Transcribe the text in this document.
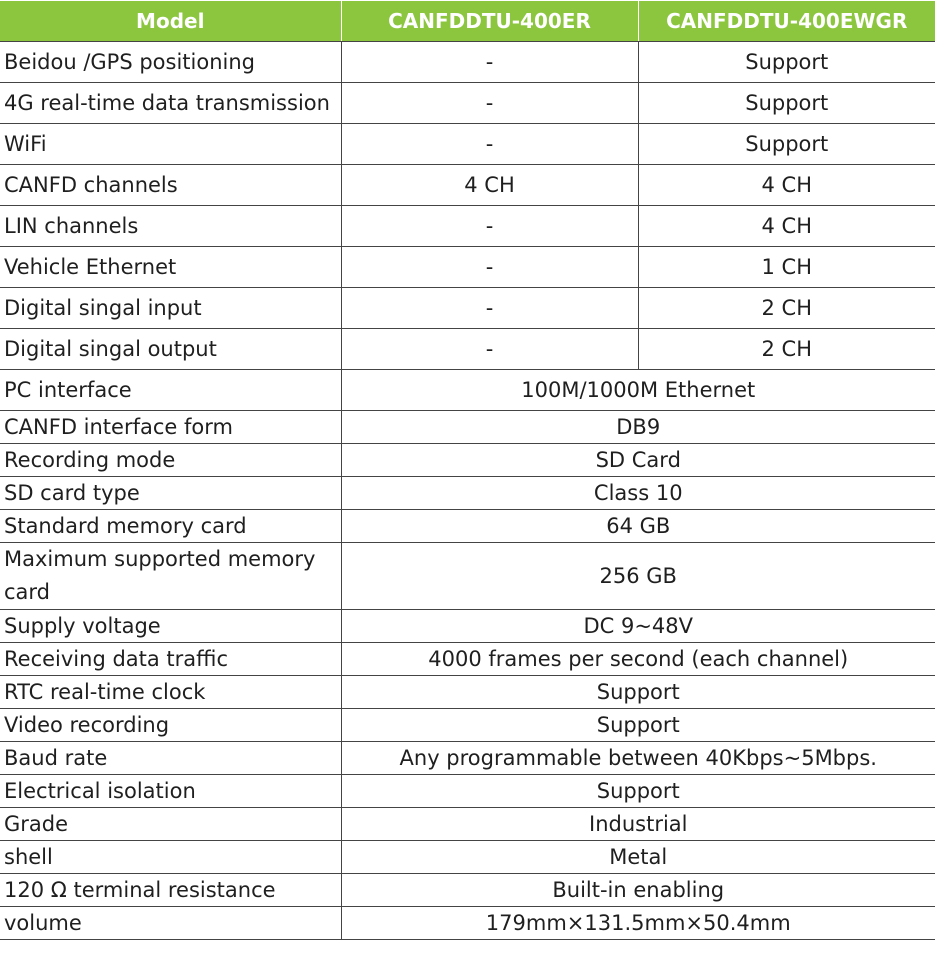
Model	CANFDDTU-400ER	CANFDDTU-400EWGR
Beidou /GPS positioning	-	Support
4G real-time data transmission	-	Support
WiFi	-	Support
CANFD channels	4 CH	4 CH
LIN channels	-	4 CH
Vehicle Ethernet	-	1 CH
Digital singal input	-	2 CH
Digital singal output	-	2 CH
PC interface	100M/1000M Ethernet	
CANFD interface form	DB9	
Recording mode	SD Card	
SD card type	Class 10	
Standard memory card	64 GB	
Maximum supported memory card	256 GB	
Supply voltage	DC 9~48V	
Receiving data traffic	4000 frames per second (each channel)	
RTC real-time clock	Support	
Video recording	Support	
Baud rate	Any programmable between 40Kbps~5Mbps.	
Electrical isolation	Support	
Grade	Industrial	
shell	Metal	
120 Ω terminal resistance	Built-in enabling	
volume	179mm×131.5mm×50.4mm	
